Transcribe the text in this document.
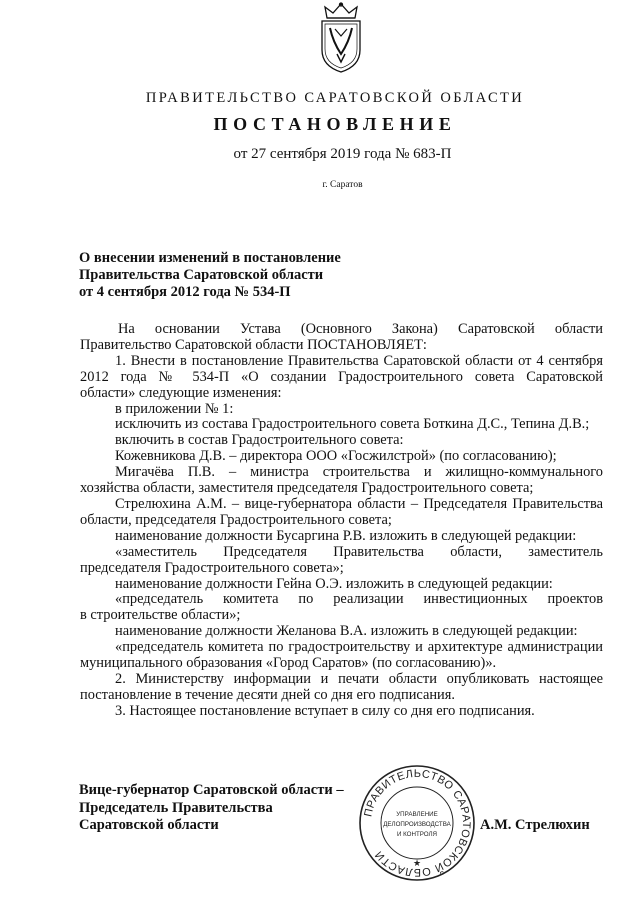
ПРАВИТЕЛЬСТВО САРАТОВСКОЙ ОБЛАСТИ
ПОСТАНОВЛЕНИЕ
от 27 сентября 2019 года № 683-П
г. Саратов
О внесении изменений в постановление
Правительства Саратовской области
от 4 сентября 2012 года № 534-П

На основании Устава (Основного Закона) Саратовской области

Правительство Саратовской области ПОСТАНОВЛЯЕТ:

1. Внести в постановление Правительства Саратовской области от 4 сентября

2012 года № 534-П «О создании Градостроительного совета Саратовской

области» следующие изменения:

в приложении № 1:

исключить из состава Градостроительного совета Боткина Д.С., Тепина Д.В.;

включить в состав Градостроительного совета:

Кожевникова Д.В. – директора ООО «Госжилстрой» (по согласованию);

Мигачёва П.В. – министра строительства и жилищно-коммунального

хозяйства области, заместителя председателя Градостроительного совета;

Стрелюхина А.М. – вице-губернатора области – Председателя Правительства

области, председателя Градостроительного совета;

наименование должности Бусаргина Р.В. изложить в следующей редакции:

«заместитель Председателя Правительства области, заместитель

председателя Градостроительного совета»;

наименование должности Гейна О.Э. изложить в следующей редакции:

«председатель комитета по реализации инвестиционных проектов

в строительстве области»;

наименование должности Желанова В.А. изложить в следующей редакции:

«председатель комитета по градостроительству и архитектуре администрации

муниципального образования «Город Саратов» (по согласованию)».

2. Министерству информации и печати области опубликовать настоящее

постановление в течение десяти дней со дня его подписания.

3. Настоящее постановление вступает в силу со дня его подписания.

Вице-губернатор Саратовской области –
Председатель Правительства
Саратовской области
ПРАВИТЕЛЬСТВО САРАТОВСКОЙ ОБЛАСТИ
УПРАВЛЕНИЕ
ДЕЛОПРОИЗВОДСТВА
И КОНТРОЛЯ
★
А.М. Стрелюхин
